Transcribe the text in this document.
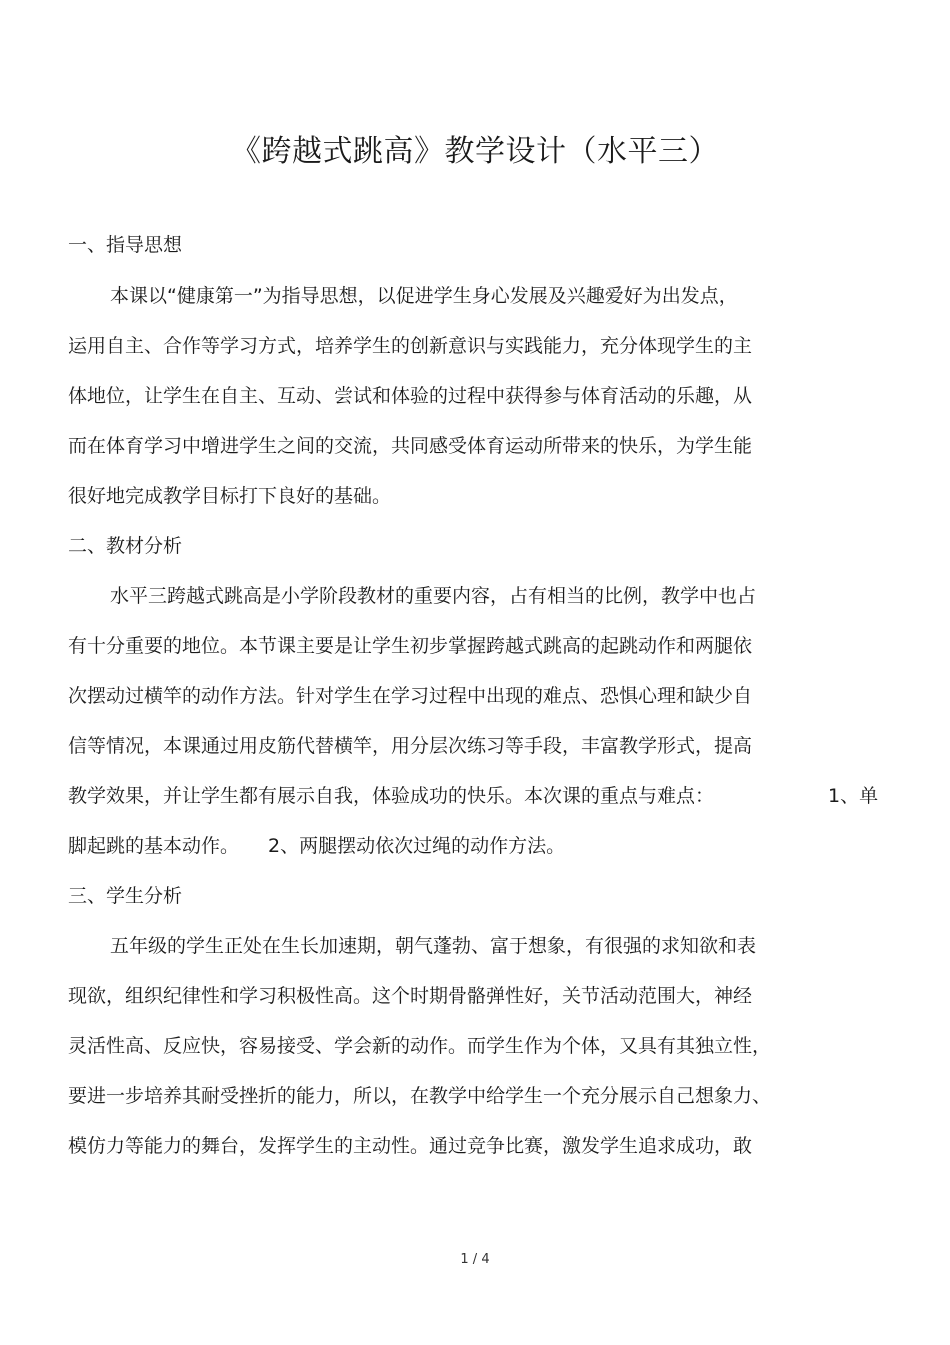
《跨越式跳高》教学设计（水平三）
一、指导思想
本课以“健康第一”为指导思想，以促进学生身心发展及兴趣爱好为出发点，
运用自主、合作等学习方式，培养学生的创新意识与实践能力，充分体现学生的主
体地位，让学生在自主、互动、尝试和体验的过程中获得参与体育活动的乐趣，从
而在体育学习中增进学生之间的交流，共同感受体育运动所带来的快乐，为学生能
很好地完成教学目标打下良好的基础。
二、教材分析
水平三跨越式跳高是小学阶段教材的重要内容，占有相当的比例，教学中也占
有十分重要的地位。本节课主要是让学生初步掌握跨越式跳高的起跳动作和两腿依
次摆动过横竿的动作方法。针对学生在学习过程中出现的难点、恐惧心理和缺少自
信等情况，本课通过用皮筋代替横竿，用分层次练习等手段，丰富教学形式，提高
教学效果，并让学生都有展示自我，体验成功的快乐。本次课的重点与难点：	1、单
脚起跳的基本动作。 2、两腿摆动依次过绳的动作方法。
三、学生分析
五年级的学生正处在生长加速期，朝气蓬勃、富于想象，有很强的求知欲和表
现欲，组织纪律性和学习积极性高。这个时期骨骼弹性好，关节活动范围大，神经
灵活性高、反应快，容易接受、学会新的动作。而学生作为个体，又具有其独立性，
要进一步培养其耐受挫折的能力，所以，在教学中给学生一个充分展示自己想象力、
模仿力等能力的舞台，发挥学生的主动性。通过竞争比赛，激发学生追求成功，敢
1 / 4
